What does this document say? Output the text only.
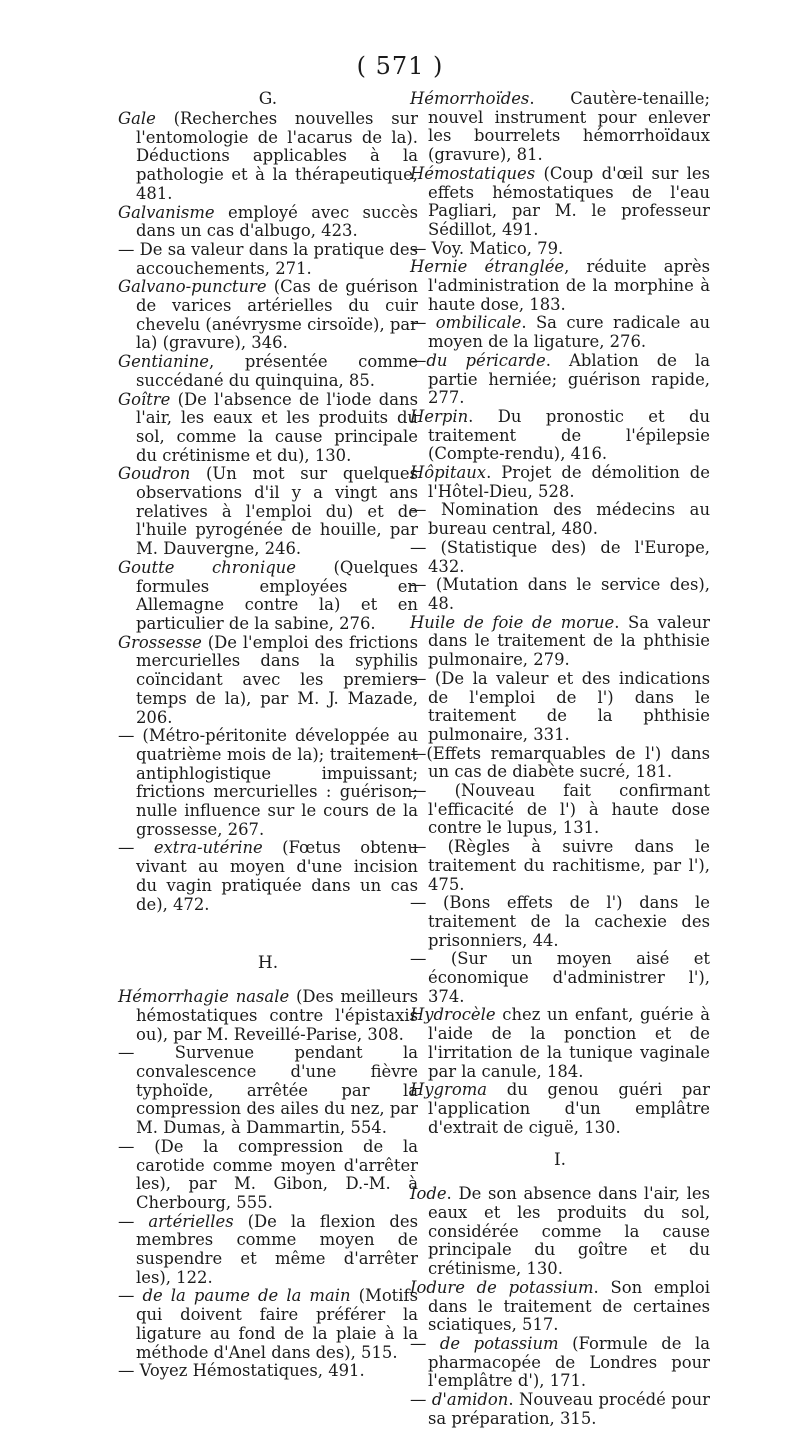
( 571 )
G.

Gale (Recherches nouvelles sur l'entomologie de l'acarus de la). Déductions applicables à la pathologie et à la thérapeutique, 481.

Galvanisme employé avec succès dans un cas d'albugo, 423.

— De sa valeur dans la pratique des accouchements, 271.

Galvano-puncture (Cas de guérison de varices artérielles du cuir chevelu (anévrysme cirsoïde), par la) (gravure), 346.

Gentianine, présentée comme succédané du quinquina, 85.

Goître (De l'absence de l'iode dans l'air, les eaux et les produits du sol, comme la cause principale du crétinisme et du), 130.

Goudron (Un mot sur quelques observations d'il y a vingt ans relatives à l'emploi du) et de l'huile pyrogénée de houille, par M. Dauvergne, 246.

Goutte chronique (Quelques formules employées en Allemagne contre la) et en particulier de la sabine, 276.

Grossesse (De l'emploi des frictions mercurielles dans la syphilis coïncidant avec les premiers temps de la), par M. J. Mazade, 206.

— (Métro-péritonite développée au quatrième mois de la); traitement antiphlogistique impuissant; frictions mercurielles : guérison; nulle influence sur le cours de la grossesse, 267.

— extra-utérine (Fœtus obtenu vivant au moyen d'une incision du vagin pratiquée dans un cas de), 472.

H.

Hémorrhagie nasale (Des meilleurs hémostatiques contre l'épistaxis ou), par M. Reveillé-Parise, 308.

— Survenue pendant la convalescence d'une fièvre typhoïde, arrêtée par la compression des ailes du nez, par M. Dumas, à Dammartin, 554.

— (De la compression de la carotide comme moyen d'arrêter les), par M. Gibon, D.-M. à Cherbourg, 555.

— artérielles (De la flexion des membres comme moyen de suspendre et même d'arrêter les), 122.

— de la paume de la main (Motifs qui doivent faire préférer la ligature au fond de la plaie à la méthode d'Anel dans des), 515.

— Voyez Hémostatiques, 491.

Hémorrhoïdes. Cautère-tenaille; nouvel instrument pour enlever les bourrelets hémorrhoïdaux (gravure), 81.

Hémostatiques (Coup d'œil sur les effets hémostatiques de l'eau Pagliari, par M. le professeur Sédillot, 491.

— Voy. Matico, 79.

Hernie étranglée, réduite après l'administration de la morphine à haute dose, 183.

— ombilicale. Sa cure radicale au moyen de la ligature, 276.

—du péricarde. Ablation de la partie herniée; guérison rapide, 277.

Herpin. Du pronostic et du traitement de l'épilepsie (Compte-rendu), 416.

Hôpitaux. Projet de démolition de l'Hôtel-Dieu, 528.

— Nomination des médecins au bureau central, 480.

— (Statistique des) de l'Europe, 432.

— (Mutation dans le service des), 48.

Huile de foie de morue. Sa valeur dans le traitement de la phthisie pulmonaire, 279.

— (De la valeur et des indications de l'emploi de l') dans le traitement de la phthisie pulmonaire, 331.

—(Effets remarquables de l') dans un cas de diabète sucré, 181.

— (Nouveau fait confirmant l'efficacité de l') à haute dose contre le lupus, 131.

— (Règles à suivre dans le traitement du rachitisme, par l'), 475.

— (Bons effets de l') dans le traitement de la cachexie des prisonniers, 44.

— (Sur un moyen aisé et économique d'administrer l'), 374.

Hydrocèle chez un enfant, guérie à l'aide de la ponction et de l'irritation de la tunique vaginale par la canule, 184.

Hygroma du genou guéri par l'application d'un emplâtre d'extrait de ciguë, 130.

I.

Iode. De son absence dans l'air, les eaux et les produits du sol, considérée comme la cause principale du goître et du crétinisme, 130.

Iodure de potassium. Son emploi dans le traitement de certaines sciatiques, 517.

— de potassium (Formule de la pharmacopée de Londres pour l'emplâtre d'), 171.

— d'amidon. Nouveau procédé pour sa préparation, 315.
